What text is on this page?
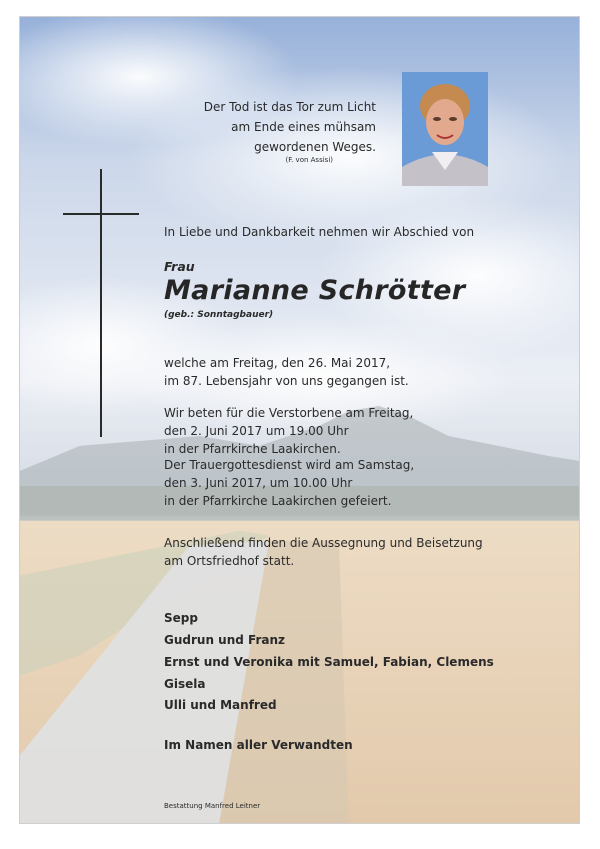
Der Tod ist das Tor zum Licht
am Ende eines mühsam
gewordenen Weges.
(F. von Assisi)
In Liebe und Dankbarkeit nehmen wir Abschied von
Frau
Marianne Schrötter
(geb.: Sonntagbauer)
welche am Freitag, den 26. Mai 2017,
im 87. Lebensjahr von uns gegangen ist.
Wir beten für die Verstorbene am Freitag,
den 2. Juni 2017 um 19.00 Uhr
in der Pfarrkirche Laakirchen.
Der Trauergottesdienst wird am Samstag,
den 3. Juni 2017, um 10.00 Uhr
in der Pfarrkirche Laakirchen gefeiert.
Anschließend finden die Aussegnung und Beisetzung
am Ortsfriedhof statt.
Sepp
Gudrun und Franz
Ernst und Veronika mit Samuel, Fabian, Clemens
Gisela
Ulli und Manfred
Im Namen aller Verwandten
Bestattung Manfred Leitner
